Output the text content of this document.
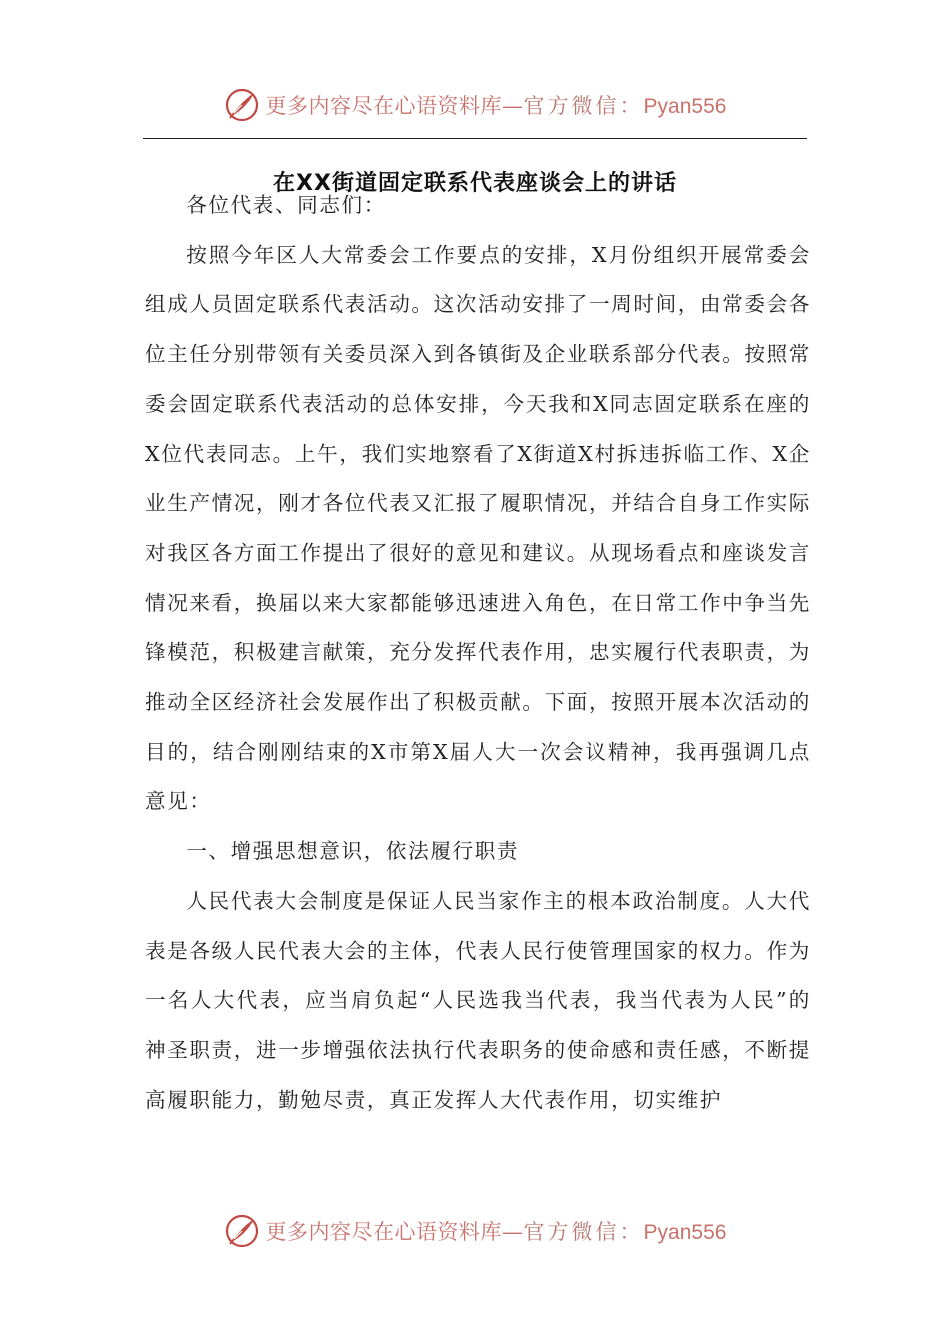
更多内容尽在心语资料库—官方微信：Pyan556
在XX街道固定联系代表座谈会上的讲话

各位代表、同志们：

按照今年区人大常委会工作要点的安排，X月份组织开展常委会组成人员固定联系代表活动。这次活动安排了一周时间，由常委会各位主任分别带领有关委员深入到各镇街及企业联系部分代表。按照常委会固定联系代表活动的总体安排，今天我和X同志固定联系在座的X位代表同志。上午，我们实地察看了X街道X村拆违拆临工作、X企业生产情况，刚才各位代表又汇报了履职情况，并结合自身工作实际对我区各方面工作提出了很好的意见和建议。从现场看点和座谈发言情况来看，换届以来大家都能够迅速进入角色，在日常工作中争当先锋模范，积极建言献策，充分发挥代表作用，忠实履行代表职责，为推动全区经济社会发展作出了积极贡献。下面，按照开展本次活动的目的，结合刚刚结束的X市第X届人大一次会议精神，我再强调几点意见：

一、增强思想意识，依法履行职责

人民代表大会制度是保证人民当家作主的根本政治制度。人大代表是各级人民代表大会的主体，代表人民行使管理国家的权力。作为一名人大代表，应当肩负起“人民选我当代表，我当代表为人民”的神圣职责，进一步增强依法执行代表职务的使命感和责任感，不断提高履职能力，勤勉尽责，真正发挥人大代表作用，切实维护

更多内容尽在心语资料库—官方微信：Pyan556
